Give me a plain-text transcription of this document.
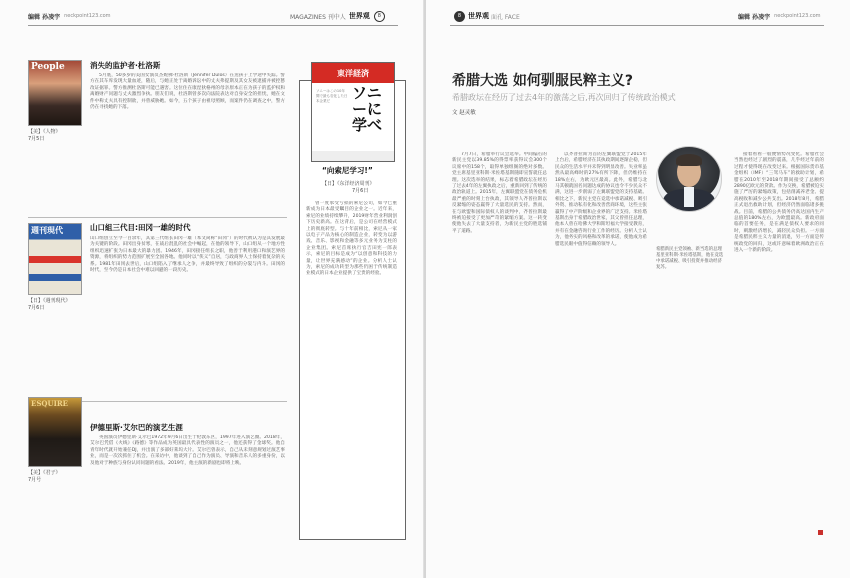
编辑 孙凌宇 neckpoint123.com	MAGAZINES 刊中人 世界观	8	8 世界观 面孔 FACE	编辑 孙凌宇 neckpoint123.com
People
【美】《人物》
7月5日
消失的监护者·杜洛斯
5月底，50多岁的美国女演员杰妮佛·杜洛斯（Jennifer Dulos）在送孩子上学途中失踪。警方在其车库发现大量血迹，随后，与她正处于离婚诉讼中的丈夫弗提斯及其女友被逮捕并被控篡改证据罪。警方推测杜洛斯可能已遇害。这位住在康涅狄格州的母亲原本正在为孩子的监护权和离婚财产问题与丈夫激烈争执。朋友们说，杜洛斯曾多次向法院表达对自身安全的担忧，她在文件中称丈夫具有控制欲，并曾威胁她。如今，五个孩子由祖母照顾，而案件仍在调查之中，警方仍在寻找她的下落。
山口組三代目:田冈一雄的时代
週刊現代
【日】《週刊現代》
7月6日
山口组创立至今一百余年，其第三代组长田冈一雄（本文简称“田冈”）的时代被认为是其发展最为关键的阶段。田冈出身贫寒，在战后混乱的社会中崛起，在他的领导下，山口组从一个地方性组织迅速扩张为日本最大的暴力团。1946年，田冈接任组长之职，他善于利用港口和演艺界的资源，将组织的势力范围扩展至全国各地。他同时以“侠义”自居，与政商界人士保持着复杂的关系。1981年田冈去世后，山口组陷入了继承人之争，并最终导致了组织的分裂与内斗。田冈的时代，至今仍是日本社会中难以回避的一段历史。
ESQUIRE
【美】《君子》
7月号
伊德里斯·艾尔巴的演艺生涯
英国演员伊德里斯·艾尔巴1972年9月6日出生于伦敦东区，1997年进入演艺圈。2018年，艾尔巴凭借《火线》《路德》等作品成为英国最具代表性的演员之一，他还获得了金球奖。他自青年时代就开始兼任DJ，并出演了多部好莱坞大片。艾尔巴曾表示，自己从未刻意规划过演艺事业，而是一次次抓住了机会。在采访中，他谈到了自己作为演员、导演和音乐人的多重身份，以及他对于种族与身份认同问题的看法。2019年，他主演的新剧也即将上映。
東洋経済
ソニーはこの10年間で最も変化した日本企業だ	ソニーに学べ
“向索尼学习!”
【日】《东洋经济周刊》
7月6日
曾一度承受亏损的索尼公司，如今已重新成为日本最受瞩目的企业之一。近年来，索尼的业绩持续攀升，2019财年营业利润创下历史新高。在这背后，是公司在经营模式上的彻底转型。与十年前相比，索尼从一家以电子产品为核心的制造企业，转变为以游戏、音乐、影视和金融等多元业务为支柱的企业集团。索尼首席执行官吉田宪一郎表示，索尼的目标是成为“以创意和科技的力量，让世界充满感动”的企业。分析人士认为，索尼的成功转型为那些仍困于传统制造业模式的日本企业提供了宝贵的经验。
希腊大选 如何驯服民粹主义?
希腊政坛在经历了过去4年的激荡之后,再次回归了传统政治模式
文 赵灵敏
7月7日，希腊举行议会选举。中间偏右的新民主党以39.85%的得票率获得议会300个议席中的158个，取得单独组阁的绝对多数。党主席基里亚科斯·米佐塔基斯随即宣誓就任总理。这次选举的结果，标志着希腊政坛在经历了过去4年的左翼执政之后，重新回到了传统的政治轨道上。2015年，左翼联盟党在债务危机最严重的时刻上台执政，其领导人齐普拉斯以反紧缩的姿态赢得了大量选民的支持。然而，在与欧盟和国际债权人的谈判中，齐普拉斯最终被迫接受了更加严苛的紧缩方案。这一转变使他失去了大量支持者，为新民主党的胜选铺平了道路。
以齐普拉斯为首的左翼联盟党于2015年上台后，希腊经济在其执政期间逐渐企稳，但民众的生活水平并未得到明显改善。失业率虽然从最高峰时的27%有所下降，但仍维持在18%左右，为欧元区最高。此外，希腊与北马其顿就国名问题达成的协议也令不少民众不满，这进一步削弱了左翼联盟党的支持基础。相比之下，新民主党在竞选中承诺减税、吸引外资、推动私有化和改善营商环境，这些主张赢得了中产阶级和企业界的广泛支持。米佐塔基斯出身于希腊政治世家，其父曾担任总理，他本人曾在哈佛大学和斯坦福大学接受教育，并有在金融咨询行业工作的经历。分析人士认为，他务实的风格和改革的承诺，使他成为希腊选民眼中值得信赖的领导人。
希腊新民主党领袖、新当选的总理基里亚科斯·米佐塔基斯，他在竞选中承诺减税、吸引投资并推动经济复苏。
接着看看一般便情势况变化。希腊社会当然也经过了剧烈的震荡，几乎经过年前的过程才使得现在改变过来。根据国际货币基金组织（IMF）“三驾马车”的救助计划，希腊在2010年至2018年期间接受了总额约2890亿欧元的贷款。作为交换，希腊被迫实施了严厉的紧缩政策，包括削减养老金、提高税收和减少公共支出。2018年8月，希腊正式退出救助计划，但经济仍然面临诸多挑战。目前，希腊的公共债务仍高达国内生产总值的180%左右，为欧盟最高。新政府面临的首要任务，是在满足债权人要求的同时，刺激经济增长，减轻民众负担。一方面是希腊民粹主义力量的消退，另一方面是传统政党的回归，这或许意味着欧洲政治正在进入一个新的阶段。
